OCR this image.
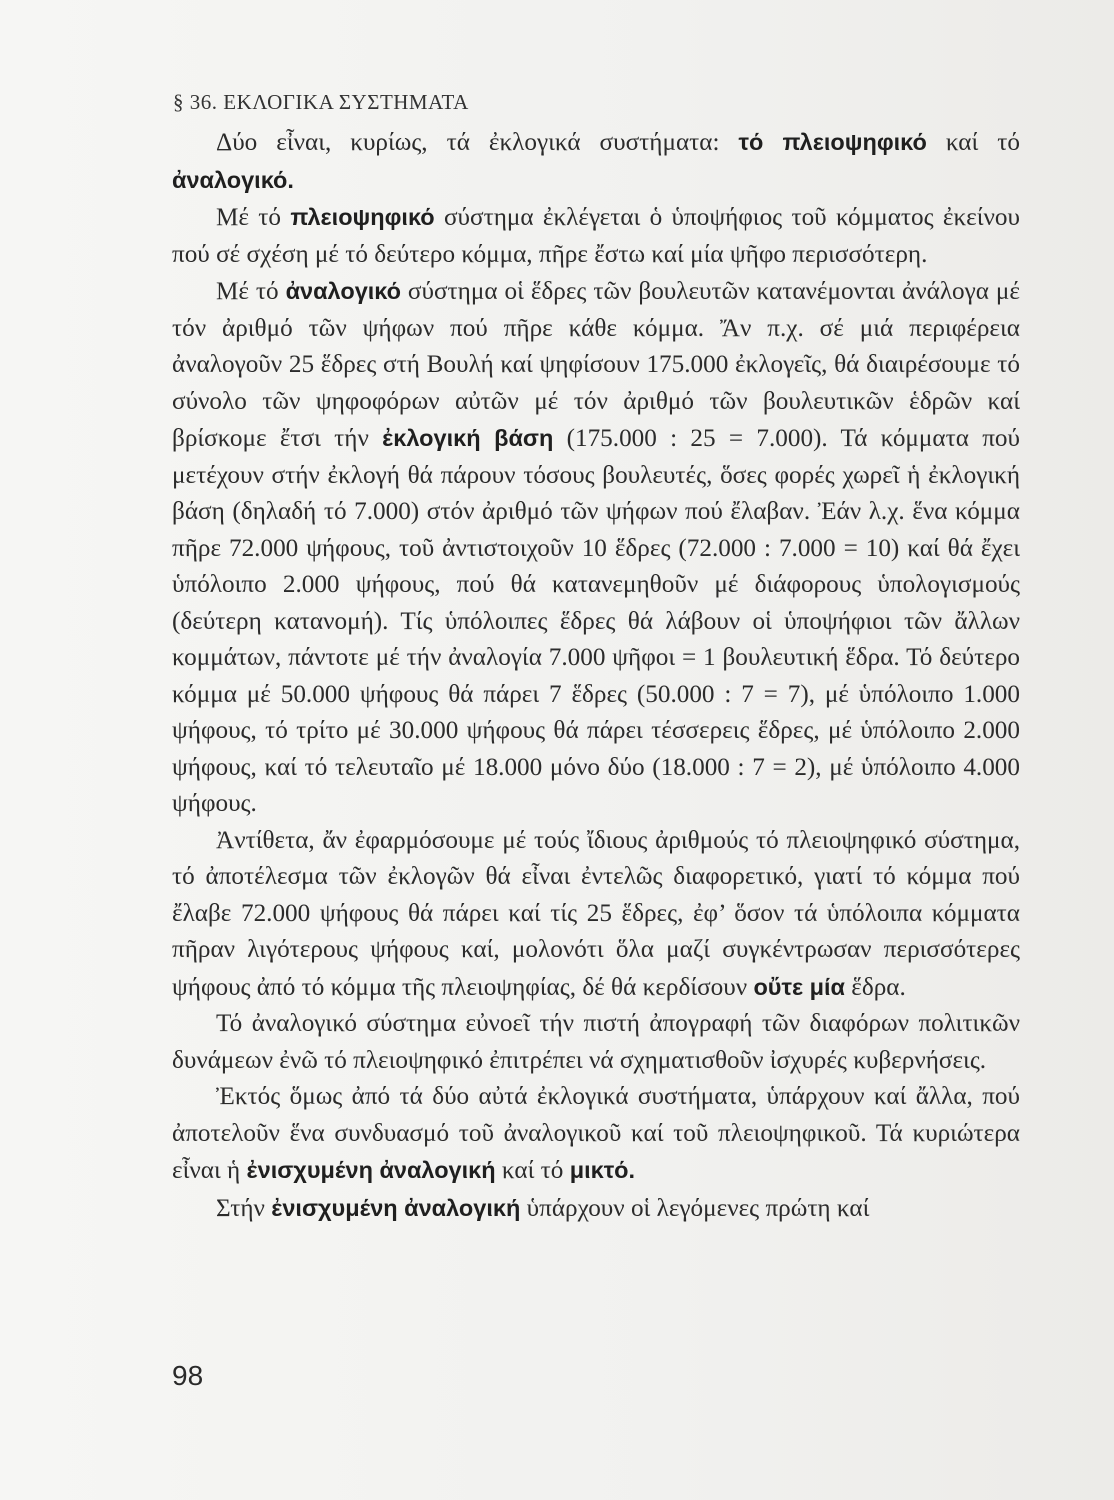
§ 36. ΕΚΛΟΓΙΚΑ ΣΥΣΤΗΜΑΤΑ

Δύο εἶναι, κυρίως, τά ἐκλογικά συστήματα: τό πλειοψηφικό καί τό ἀναλογικό.

Μέ τό πλειοψηφικό σύστημα ἐκλέγεται ὁ ὑποψήφιος τοῦ κόμματος ἐκείνου πού σέ σχέση μέ τό δεύτερο κόμμα, πῆρε ἔστω καί μία ψῆφο περισσότερη.

Μέ τό ἀναλογικό σύστημα οἱ ἕδρες τῶν βουλευτῶν κατανέμονται ἀνάλογα μέ τόν ἀριθμό τῶν ψήφων πού πῆρε κάθε κόμμα. Ἄν π.χ. σέ μιά περιφέρεια ἀναλογοῦν 25 ἕδρες στή Βουλή καί ψηφίσουν 175.000 ἐκλογεῖς, θά διαιρέσουμε τό σύνολο τῶν ψηφοφόρων αὐτῶν μέ τόν ἀριθμό τῶν βουλευτικῶν ἑδρῶν καί βρίσκομε ἔτσι τήν ἐκλογική βάση (175.000 : 25 = 7.000). Τά κόμματα πού μετέχουν στήν ἐκλογή θά πάρουν τόσους βουλευτές, ὅσες φορές χωρεῖ ἡ ἐκλογική βάση (δηλαδή τό 7.000) στόν ἀριθμό τῶν ψήφων πού ἔλαβαν. Ἐάν λ.χ. ἕνα κόμμα πῆρε 72.000 ψήφους, τοῦ ἀντιστοιχοῦν 10 ἕδρες (72.000 : 7.000 = 10) καί θά ἔχει ὑπόλοιπο 2.000 ψήφους, πού θά κατανεμηθοῦν μέ διάφορους ὑπολογισμούς (δεύτερη κατανομή). Τίς ὑπόλοιπες ἕδρες θά λάβουν οἱ ὑποψήφιοι τῶν ἄλλων κομμάτων, πάντοτε μέ τήν ἀναλογία 7.000 ψῆφοι = 1 βουλευτική ἕδρα. Τό δεύτερο κόμμα μέ 50.000 ψήφους θά πάρει 7 ἕδρες (50.000 : 7 = 7), μέ ὑπόλοιπο 1.000 ψήφους, τό τρίτο μέ 30.000 ψήφους θά πάρει τέσσερεις ἕδρες, μέ ὑπόλοιπο 2.000 ψήφους, καί τό τελευταῖο μέ 18.000 μόνο δύο (18.000 : 7 = 2), μέ ὑπόλοιπο 4.000 ψήφους.

Ἀντίθετα, ἄν ἐφαρμόσουμε μέ τούς ἴδιους ἀριθμούς τό πλειοψηφικό σύστημα, τό ἀποτέλεσμα τῶν ἐκλογῶν θά εἶναι ἐντελῶς διαφορετικό, γιατί τό κόμμα πού ἔλαβε 72.000 ψήφους θά πάρει καί τίς 25 ἕδρες, ἐφ’ ὅσον τά ὑπόλοιπα κόμματα πῆραν λιγότερους ψήφους καί, μολονότι ὅλα μαζί συγκέντρωσαν περισσότερες ψήφους ἀπό τό κόμμα τῆς πλειοψηφίας, δέ θά κερδίσουν οὔτε μία ἕδρα.

Τό ἀναλογικό σύστημα εὐνοεῖ τήν πιστή ἀπογραφή τῶν διαφόρων πολιτικῶν δυνάμεων ἐνῶ τό πλειοψηφικό ἐπιτρέπει νά σχηματισθοῦν ἰσχυρές κυβερνήσεις.

Ἐκτός ὅμως ἀπό τά δύο αὐτά ἐκλογικά συστήματα, ὑπάρχουν καί ἄλλα, πού ἀποτελοῦν ἕνα συνδυασμό τοῦ ἀναλογικοῦ καί τοῦ πλειοψηφικοῦ. Τά κυριώτερα εἶναι ἡ ἐνισχυμένη ἀναλογική καί τό μικτό.

Στήν ἐνισχυμένη ἀναλογική ὑπάρχουν οἱ λεγόμενες πρώτη καί

98
